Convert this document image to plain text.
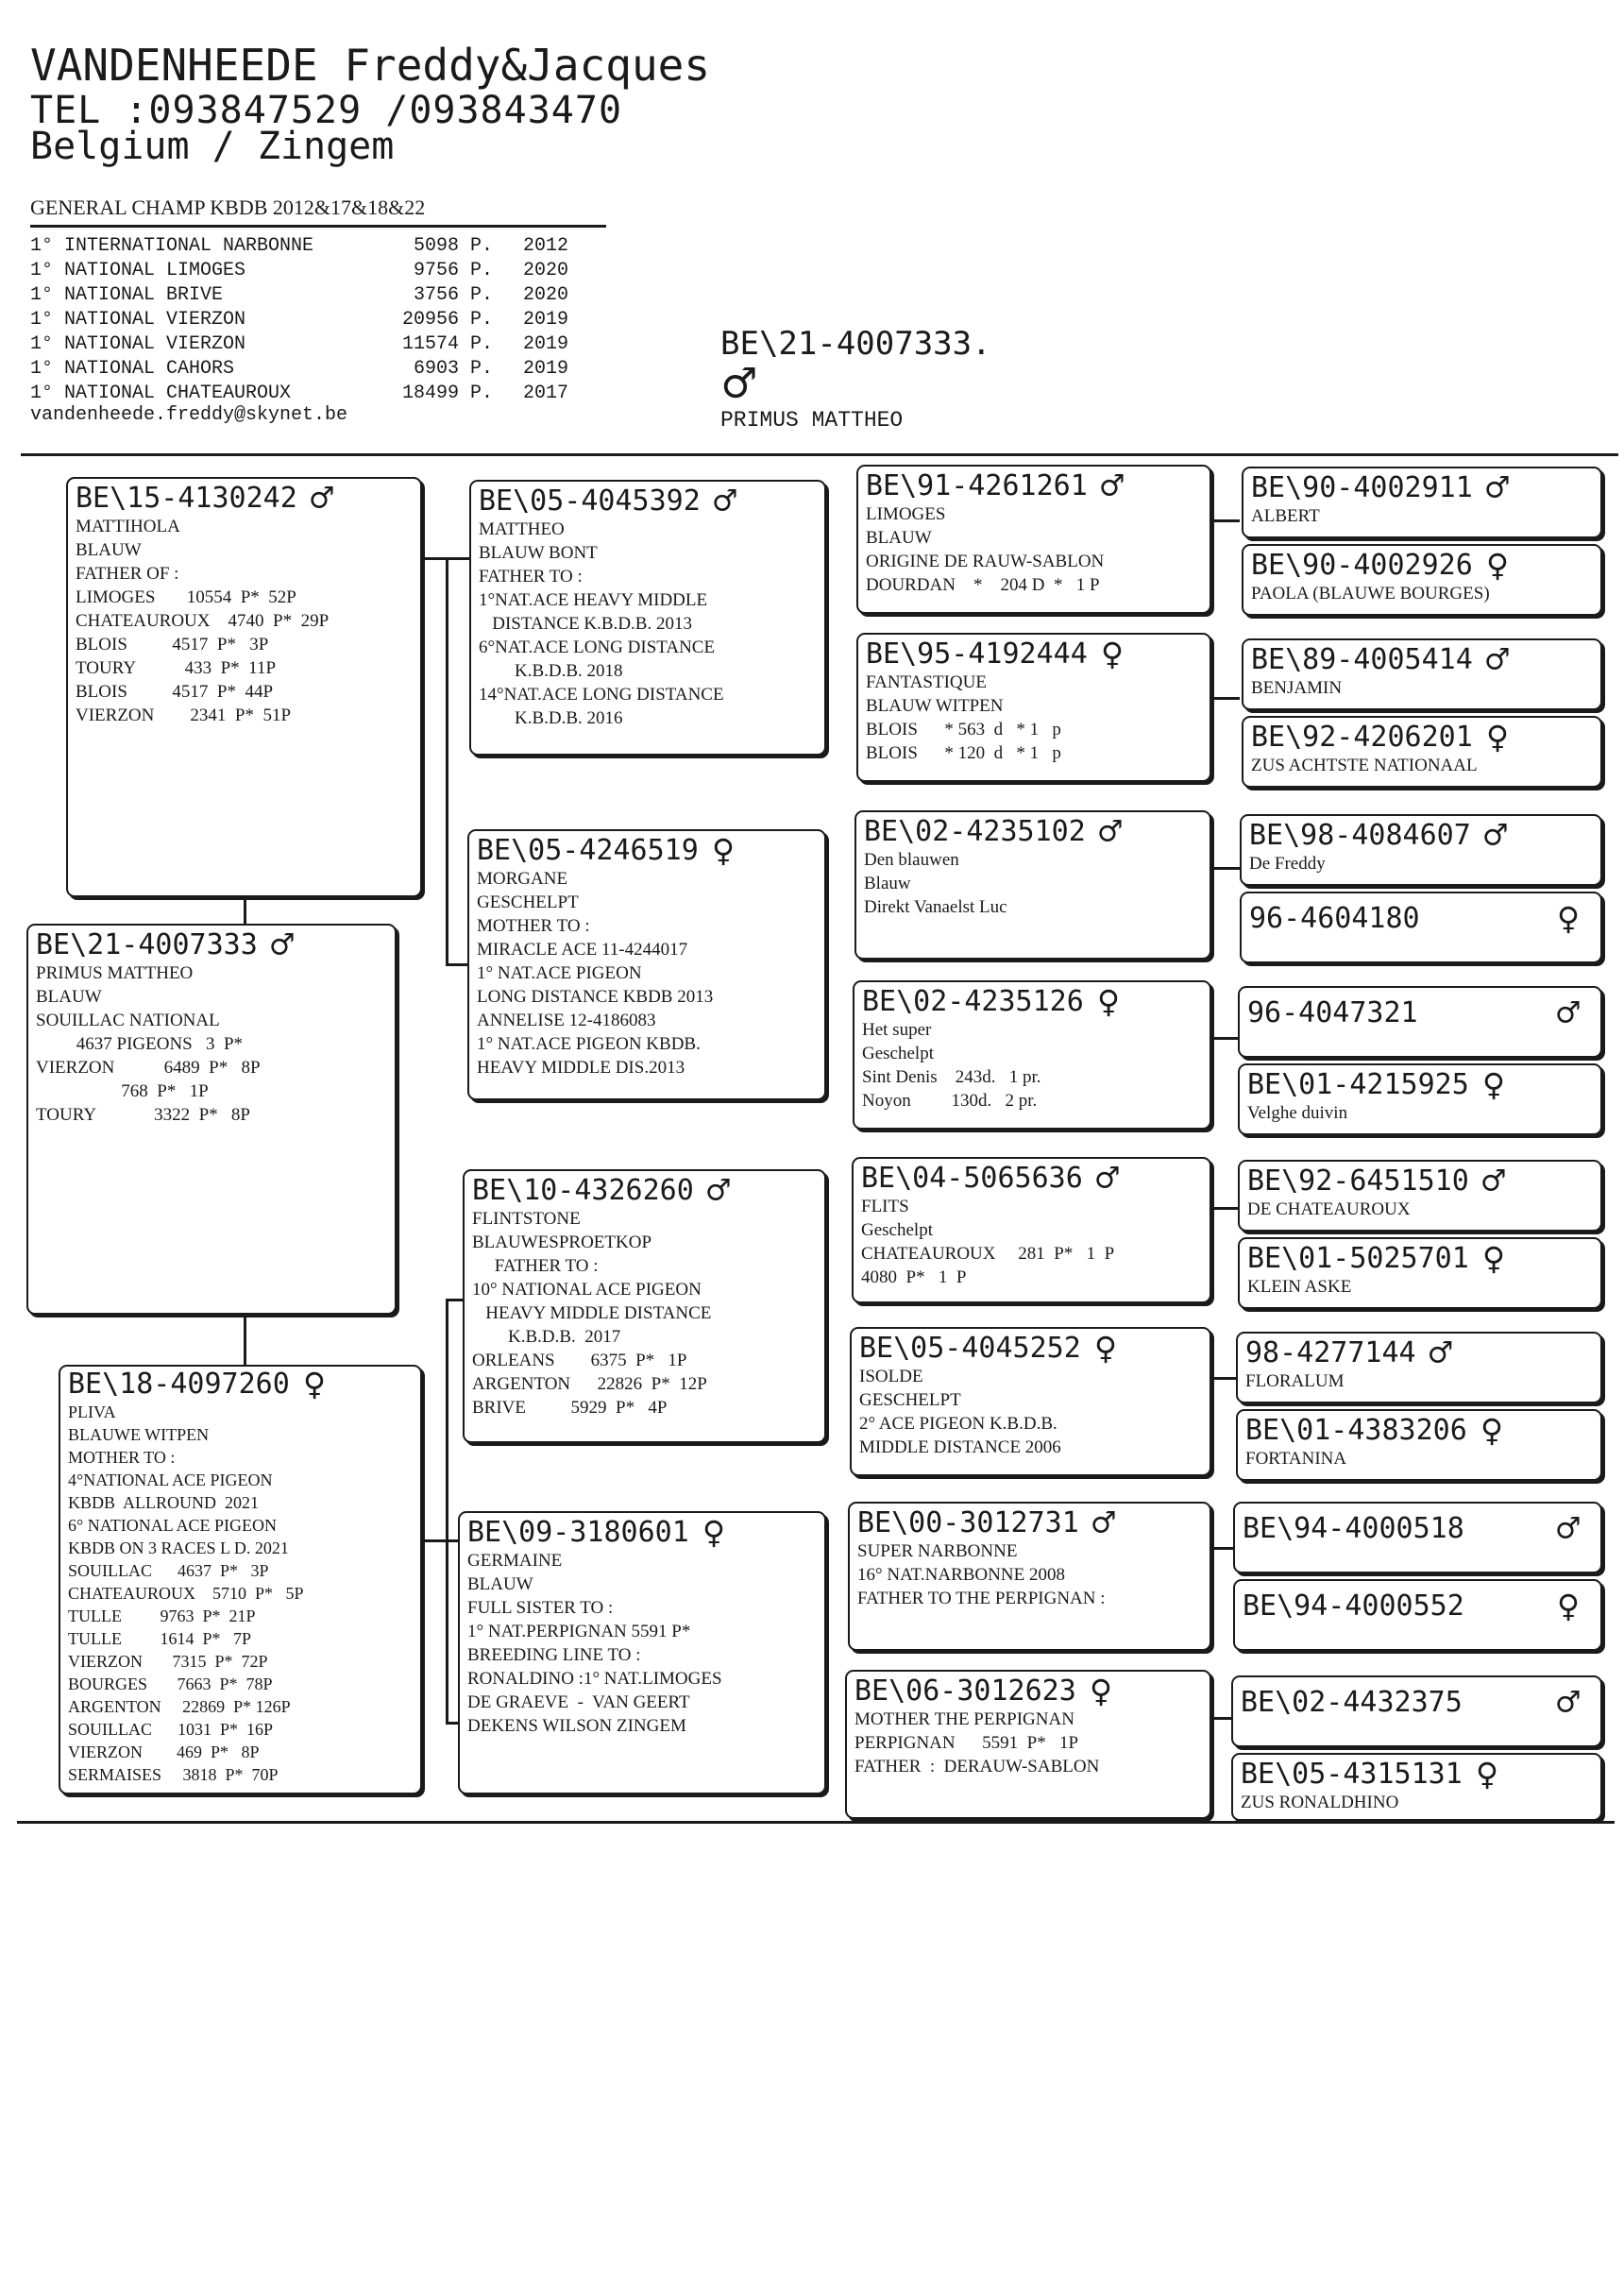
VANDENHEEDE Freddy&Jacques
TEL :093847529 /093843470
Belgium / Zingem
GENERAL CHAMP KBDB 2012&17&18&22
1° INTERNATIONAL NARBONNE	5098 P.	2012
1° NATIONAL LIMOGES	9756 P.	2020
1° NATIONAL BRIVE	3756 P.	2020
1° NATIONAL VIERZON	20956 P.	2019
1° NATIONAL VIERZON	11574 P.	2019
1° NATIONAL CAHORS	6903 P.	2019
1° NATIONAL CHATEAUROUX	18499 P.	2017
vandenheede.freddy@skynet.be
BE\21-4007333.
♂
PRIMUS MATTHEO
BE\21-4007333 ♂
PRIMUS MATTHEO
BLAUW
SOUILLAC NATIONAL
4637 PIGEONS   3  P*
VIERZON           6489  P*   8P
768  P*   1P
TOURY             3322  P*   8P
BE\15-4130242 ♂
MATTIHOLA
BLAUW
FATHER OF :
LIMOGES       10554  P*  52P
CHATEAUROUX    4740  P*  29P
BLOIS          4517  P*   3P
TOURY           433  P*  11P
BLOIS          4517  P*  44P
VIERZON        2341  P*  51P
BE\18-4097260 ♀
PLIVA
BLAUWE WITPEN
MOTHER TO :
4°NATIONAL ACE PIGEON
KBDB  ALLROUND  2021
6° NATIONAL ACE PIGEON
KBDB ON 3 RACES L D. 2021
SOUILLAC      4637  P*   3P
CHATEAUROUX    5710  P*   5P
TULLE         9763  P*  21P
TULLE         1614  P*   7P
VIERZON       7315  P*  72P
BOURGES       7663  P*  78P
ARGENTON     22869  P* 126P
SOUILLAC      1031  P*  16P
VIERZON        469  P*   8P
SERMAISES     3818  P*  70P
BE\05-4045392 ♂
MATTHEO
BLAUW BONT
FATHER TO :
1°NAT.ACE HEAVY MIDDLE
DISTANCE K.B.D.B. 2013
6°NAT.ACE LONG DISTANCE
K.B.D.B. 2018
14°NAT.ACE LONG DISTANCE
K.B.D.B. 2016
BE\05-4246519 ♀
MORGANE
GESCHELPT
MOTHER TO :
MIRACLE ACE 11-4244017
1° NAT.ACE PIGEON
LONG DISTANCE KBDB 2013
ANNELISE 12-4186083
1° NAT.ACE PIGEON KBDB.
HEAVY MIDDLE DIS.2013
BE\10-4326260 ♂
FLINTSTONE
BLAUWESPROETKOP
FATHER TO :
10° NATIONAL ACE PIGEON
HEAVY MIDDLE DISTANCE
K.B.D.B.  2017
ORLEANS        6375  P*   1P
ARGENTON      22826  P*  12P
BRIVE          5929  P*   4P
BE\09-3180601 ♀
GERMAINE
BLAUW
FULL SISTER TO :
1° NAT.PERPIGNAN 5591 P*
BREEDING LINE TO :
RONALDINO :1° NAT.LIMOGES
DE GRAEVE  -  VAN GEERT
DEKENS WILSON ZINGEM
BE\91-4261261 ♂
LIMOGES
BLAUW
ORIGINE DE RAUW-SABLON
DOURDAN    *    204 D  *   1 P
BE\95-4192444 ♀
FANTASTIQUE
BLAUW WITPEN
BLOIS      * 563  d   * 1   p
BLOIS      * 120  d   * 1   p
BE\02-4235102 ♂
Den blauwen
Blauw
Direkt Vanaelst Luc
BE\02-4235126 ♀
Het super
Geschelpt
Sint Denis    243d.   1 pr.
Noyon         130d.   2 pr.
BE\04-5065636 ♂
FLITS
Geschelpt
CHATEAUROUX     281  P*   1  P
4080  P*   1  P
BE\05-4045252 ♀
ISOLDE
GESCHELPT
2° ACE PIGEON K.B.D.B.
MIDDLE DISTANCE 2006
BE\00-3012731 ♂
SUPER NARBONNE
16° NAT.NARBONNE 2008
FATHER TO THE PERPIGNAN :
BE\06-3012623 ♀
MOTHER THE PERPIGNAN
PERPIGNAN      5591  P*   1P
FATHER  :  DERAUW-SABLON
BE\90-4002911 ♂
ALBERT
BE\90-4002926 ♀
PAOLA (BLAUWE BOURGES)
BE\89-4005414 ♂
BENJAMIN
BE\92-4206201 ♀
ZUS ACHTSTE NATIONAAL
BE\98-4084607 ♂
De Freddy
96-4604180	♀
96-4047321	♂
BE\01-4215925 ♀
Velghe duivin
BE\92-6451510 ♂
DE CHATEAUROUX
BE\01-5025701 ♀
KLEIN ASKE
98-4277144 ♂
FLORALUM
BE\01-4383206 ♀
FORTANINA
BE\94-4000518 ♂
BE\94-4000552 ♀
BE\02-4432375	♂
BE\05-4315131 ♀
ZUS RONALDHINO
